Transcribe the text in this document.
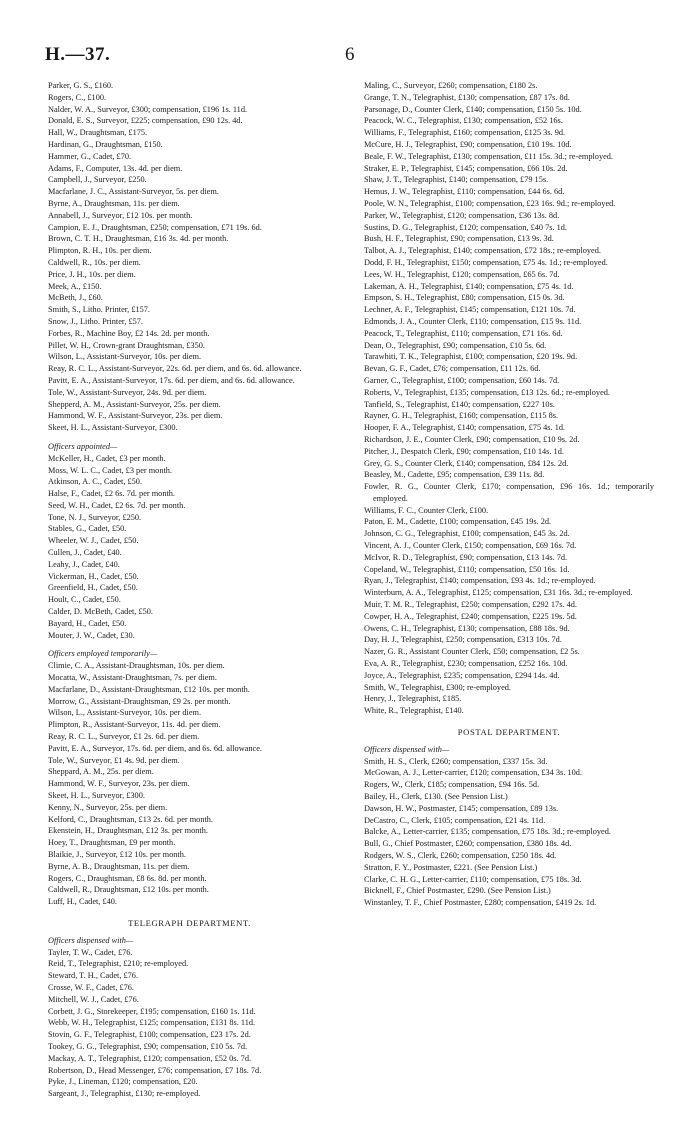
H.—37.	6
Parker, G. S., £160.
Rogers, C., £100.
Nalder, W. A., Surveyor, £300; compensation, £196 1s. 11d.
Donald, E. S., Surveyor, £225; compensation, £90 12s. 4d.
Hall, W., Draughtsman, £175.
Hardinan, G., Draughtsman, £150.
Hammer, G., Cadet, £70.
Adams, F., Computer, 13s. 4d. per diem.
Campbell, J., Surveyor, £250.
Macfarlane, J. C., Assistant-Surveyor, 5s. per diem.
Byrne, A., Draughtsman, 11s. per diem.
Annabell, J., Surveyor, £12 10s. per month.
Campion, E. J., Draughtsman, £250; compensation, £71 19s. 6d.
Brown, C. T. H., Draughtsman, £16 3s. 4d. per month.
Plimpton, R. H., 10s. per diem.
Caldwell, R., 10s. per diem.
Price, J. H., 10s. per diem.
Meek, A., £150.
McBeth, J., £60.
Smith, S., Litho. Printer, £157.
Snow, J., Litho. Printer, £57.
Forbes, R., Machine Boy, £2 14s. 2d. per month.
Pillet, W. H., Crown-grant Draughtsman, £350.
Wilson, L., Assistant-Surveyor, 10s. per diem.
Reay, R. C. L., Assistant-Surveyor, 22s. 6d. per diem, and 6s. 6d. allowance.
Pavitt, E. A., Assistant-Surveyor, 17s. 6d. per diem, and 6s. 6d. allowance.
Tole, W., Assistant-Surveyor, 24s. 9d. per diem.
Shepperd, A. M., Assistant-Surveyor, 25s. per diem.
Hammond, W. F., Assistant-Surveyor, 23s. per diem.
Skeet, H. L., Assistant-Surveyor, £300.
Officers appointed—
McKeller, H., Cadet, £3 per month.
Moss, W. L. C., Cadet, £3 per month.
Atkinson, A. C., Cadet, £50.
Halse, F., Cadet, £2 6s. 7d. per month.
Seed, W. H., Cadet, £2 6s. 7d. per month.
Tone, N. J., Surveyor, £250.
Stables, G., Cadet, £50.
Wheeler, W. J., Cadet, £50.
Cullen, J., Cadet, £40.
Leahy, J., Cadet, £40.
Vickerman, H., Cadet, £50.
Greenfield, H., Cadet, £50.
Hoult, C., Cadet, £50.
Calder, D. McBeth, Cadet, £50.
Bayard, H., Cadet, £50.
Mouter, J. W., Cadet, £30.
Officers employed temporarily—
Climie, C. A., Assistant-Draughtsman, 10s. per diem.
Mocatta, W., Assistant-Draughtsman, 7s. per diem.
Macfarlane, D., Assistant-Draughtsman, £12 10s. per month.
Morrow, G., Assistant-Draughtsman, £9 2s. per month.
Wilson, L., Assistant-Surveyor, 10s. per diem.
Plimpton, R., Assistant-Surveyor, 11s. 4d. per diem.
Reay, R. C. L., Surveyor, £1 2s. 6d. per diem.
Pavitt, E. A., Surveyor, 17s. 6d. per diem, and 6s. 6d. allowance.
Tole, W., Surveyor, £1 4s. 9d. per diem.
Sheppard, A. M., 25s. per diem.
Hammond, W. F., Surveyor, 23s. per diem.
Skeet, H. L., Surveyor, £300.
Kenny, N., Surveyor, 25s. per diem.
Kelford, C., Draughtsman, £13 2s. 6d. per month.
Ekenstein, H., Draughtsman, £12 3s. per month.
Hoey, T., Draughtsman, £9 per month.
Blaikie, J., Surveyor, £12 10s. per month.
Byrne, A. B., Draughtsman, 11s. per diem.
Rogers, C., Draughtsman, £8 6s. 8d. per month.
Caldwell, R., Draughtsman, £12 10s. per month.
Luff, H., Cadet, £40.
TELEGRAPH DEPARTMENT.
Officers dispensed with—
Tayler, T. W., Cadet, £76.
Reid, T., Telegraphist, £210; re-employed.
Steward, T. H., Cadet, £76.
Crosse, W. F., Cadet, £76.
Mitchell, W. J., Cadet, £76.
Corbett, J. G., Storekeeper, £195; compensation, £160 1s. 11d.
Webb, W. H., Telegraphist, £125; compensation, £131 8s. 11d.
Stovin, G. F., Telegraphist, £100; compensation, £23 17s. 2d.
Tookey, G. G., Telegraphist, £90; compensation, £10 5s. 7d.
Mackay, A. T., Telegraphist, £120; compensation, £52 0s. 7d.
Robertson, D., Head Messenger, £76; compensation, £7 18s. 7d.
Pyke, J., Lineman, £120; compensation, £20.
Sargeant, J., Telegraphist, £130; re-employed.
Maling, C., Surveyor, £260; compensation, £180 2s.
Grange, T. N., Telegraphist, £130; compensation, £87 17s. 8d.
Parsonage, D., Counter Clerk, £140; compensation, £150 5s. 10d.
Peacock, W. C., Telegraphist, £130; compensation, £52 16s.
Williams, F., Telegraphist, £160; compensation, £125 3s. 9d.
McCure, H. J., Telegraphist, £90; compensation, £10 19s. 10d.
Beale, F. W., Telegraphist, £130; compensation, £11 15s. 3d.; re-employed.
Straker, E. P., Telegraphist, £145; compensation, £66 10s. 2d.
Shaw, J. T., Telegraphist, £140; compensation, £79 15s.
Hemus, J. W., Telegraphist, £110; compensation, £44 6s. 6d.
Poole, W. N., Telegraphist, £100; compensation, £23 16s. 9d.; re-employed.
Parker, W., Telegraphist, £120; compensation, £36 13s. 8d.
Sustins, D. G., Telegraphist, £120; compensation, £40 7s. 1d.
Bush, H. F., Telegraphist, £90; compensation, £13 9s. 3d.
Talbot, A. J., Telegraphist, £140; compensation, £72 18s.; re-employed.
Dodd, F. H., Telegraphist, £150; compensation, £75 4s. 1d.; re-employed.
Lees, W. H., Telegraphist, £120; compensation, £65 6s. 7d.
Lakeman, A. H., Telegraphist, £140; compensation, £75 4s. 1d.
Empson, S. H., Telegraphist, £80; compensation, £15 0s. 3d.
Lechner, A. F., Telegraphist, £145; compensation, £121 10s. 7d.
Edmonds, J. A., Counter Clerk, £110; compensation, £15 9s. 11d.
Peacock, T., Telegraphist, £110; compensation, £71 16s. 6d.
Dean, O., Telegraphist, £90; compensation, £10 5s. 6d.
Tarawhiti, T. K., Telegraphist, £100; compensation, £20 19s. 9d.
Bevan, G. F., Cadet, £76; compensation, £11 12s. 6d.
Garner, C., Telegraphist, £100; compensation, £60 14s. 7d.
Roberts, V., Telegraphist, £135; compensation, £13 12s. 6d.; re-employed.
Tanfield, S., Telegraphist, £140; compensation, £227 10s.
Rayner, G. H., Telegraphist, £160; compensation, £115 8s.
Hooper, F. A., Telegraphist, £140; compensation, £75 4s. 1d.
Richardson, J. E., Counter Clerk, £90; compensation, £10 9s. 2d.
Pitcher, J., Despatch Clerk, £90; compensation, £10 14s. 1d.
Grey, G. S., Counter Clerk, £140; compensation, £84 12s. 2d.
Beasley, M., Cadette, £95; compensation, £39 11s. 8d.
Fowler, R. G., Counter Clerk, £170; compensation, £96 16s. 1d.; temporarily employed.
Williams, F. C., Counter Clerk, £100.
Paton, E. M., Cadette, £100; compensation, £45 19s. 2d.
Johnson, C. G., Telegraphist, £100; compensation, £45 3s. 2d.
Vincent, A. J., Counter Clerk, £150; compensation, £69 16s. 7d.
McIvor, R. D., Telegraphist, £90; compensation, £13 14s. 7d.
Copeland, W., Telegraphist, £110; compensation, £50 16s. 1d.
Ryan, J., Telegraphist, £140; compensation, £93 4s. 1d.; re-employed.
Winterburn, A. A., Telegraphist, £125; compensation, £31 16s. 3d.; re-employed.
Muir, T. M. R., Telegraphist, £250; compensation, £292 17s. 4d.
Cowper, H. A., Telegraphist, £240; compensation, £225 19s. 5d.
Owens, C. H., Telegraphist, £130; compensation, £88 18s. 9d.
Day, H. J., Telegraphist, £250; compensation, £313 10s. 7d.
Nazer, G. R., Assistant Counter Clerk, £50; compensation, £2 5s.
Eva, A. R., Telegraphist, £230; compensation, £252 16s. 10d.
Joyce, A., Telegraphist, £235; compensation, £294 14s. 4d.
Smith, W., Telegraphist, £300; re-employed.
Henry, J., Telegraphist, £185.
White, R., Telegraphist, £140.
POSTAL DEPARTMENT.
Officers dispensed with—
Smith, H. S., Clerk, £260; compensation, £337 15s. 3d.
McGowan, A. J., Letter-carrier, £120; compensation, £34 3s. 10d.
Rogers, W., Clerk, £185; compensation, £94 16s. 5d.
Bailey, H., Clerk, £130. (See Pension List.)
Dawson, H. W., Postmaster, £145; compensation, £89 13s.
DeCastro, C., Clerk, £105; compensation, £21 4s. 11d.
Balcke, A., Letter-carrier, £135; compensation, £75 18s. 3d.; re-employed.
Bull, G., Chief Postmaster, £260; compensation, £380 18s. 4d.
Rodgers, W. S., Clerk, £260; compensation, £250 18s. 4d.
Stratton, F. Y., Postmaster, £221. (See Pension List.)
Clarke, C. H. G., Letter-carrier, £110; compensation, £75 18s. 3d.
Bicknell, F., Chief Postmaster, £290. (See Pension List.)
Winstanley, T. F., Chief Postmaster, £280; compensation, £419 2s. 1d.
